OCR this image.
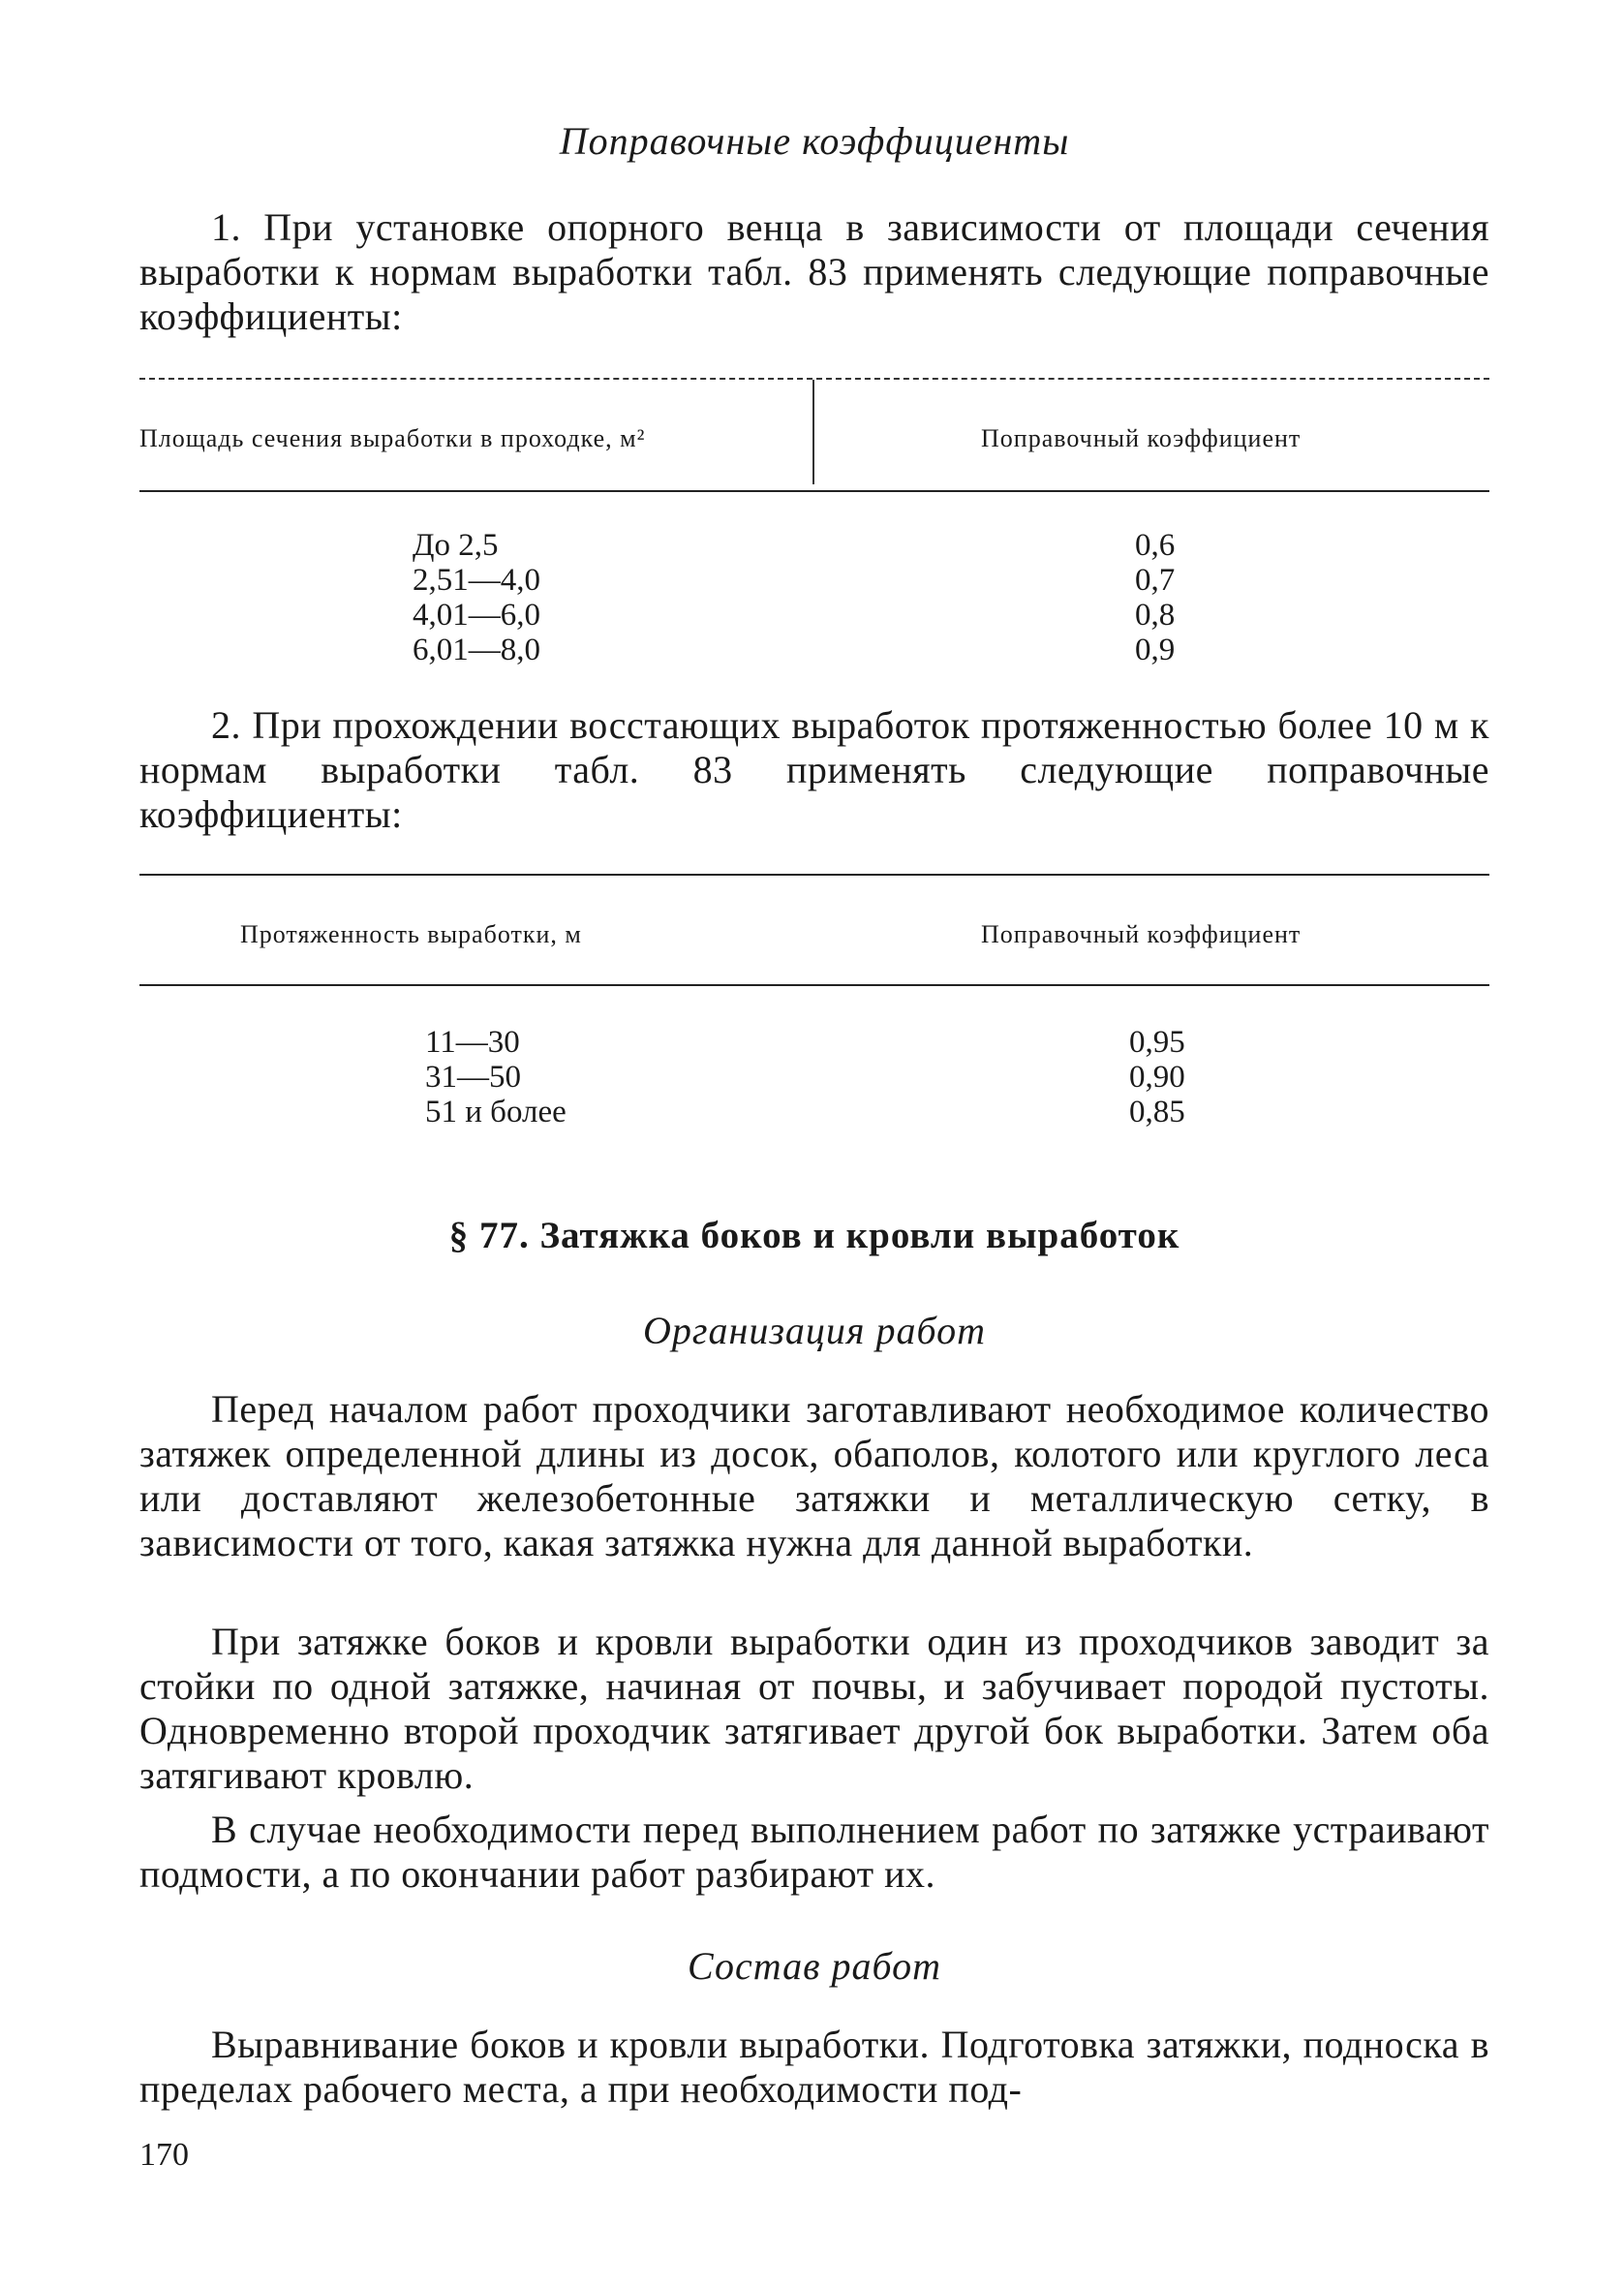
Поправочные коэффициенты
1. При установке опорного венца в зависимости от площади сечения выработки к нормам выработки табл. 83 применять следующие поправочные коэффициенты:
Площадь сечения выработки в проходке, м²	Поправочный коэффициент
До 2,5	0,6
2,51—4,0	0,7
4,01—6,0	0,8
6,01—8,0	0,9
2. При прохождении восстающих выработок протяженностью более 10 м к нормам выработки табл. 83 применять следующие поправочные коэффициенты:
Протяженность выработки, м	Поправочный коэффициент
11—30	0,95
31—50	0,90
51 и более	0,85
§ 77. Затяжка боков и кровли выработок
Организация работ
Перед началом работ проходчики заготавливают необходимое количество затяжек определенной длины из досок, обаполов, колотого или круглого леса или доставляют железобетонные затяжки и металлическую сетку, в зависимости от того, какая затяжка нужна для данной выработки.
При затяжке боков и кровли выработки один из проходчиков заводит за стойки по одной затяжке, начиная от почвы, и забучивает породой пустоты. Одновременно второй проходчик затягивает другой бок выработки. Затем оба затягивают кровлю.
В случае необходимости перед выполнением работ по затяжке устраивают подмости, а по окончании работ разбирают их.
Состав работ
Выравнивание боков и кровли выработки. Подготовка затяжки, подноска в пределах рабочего места, а при необходимости под-
170
